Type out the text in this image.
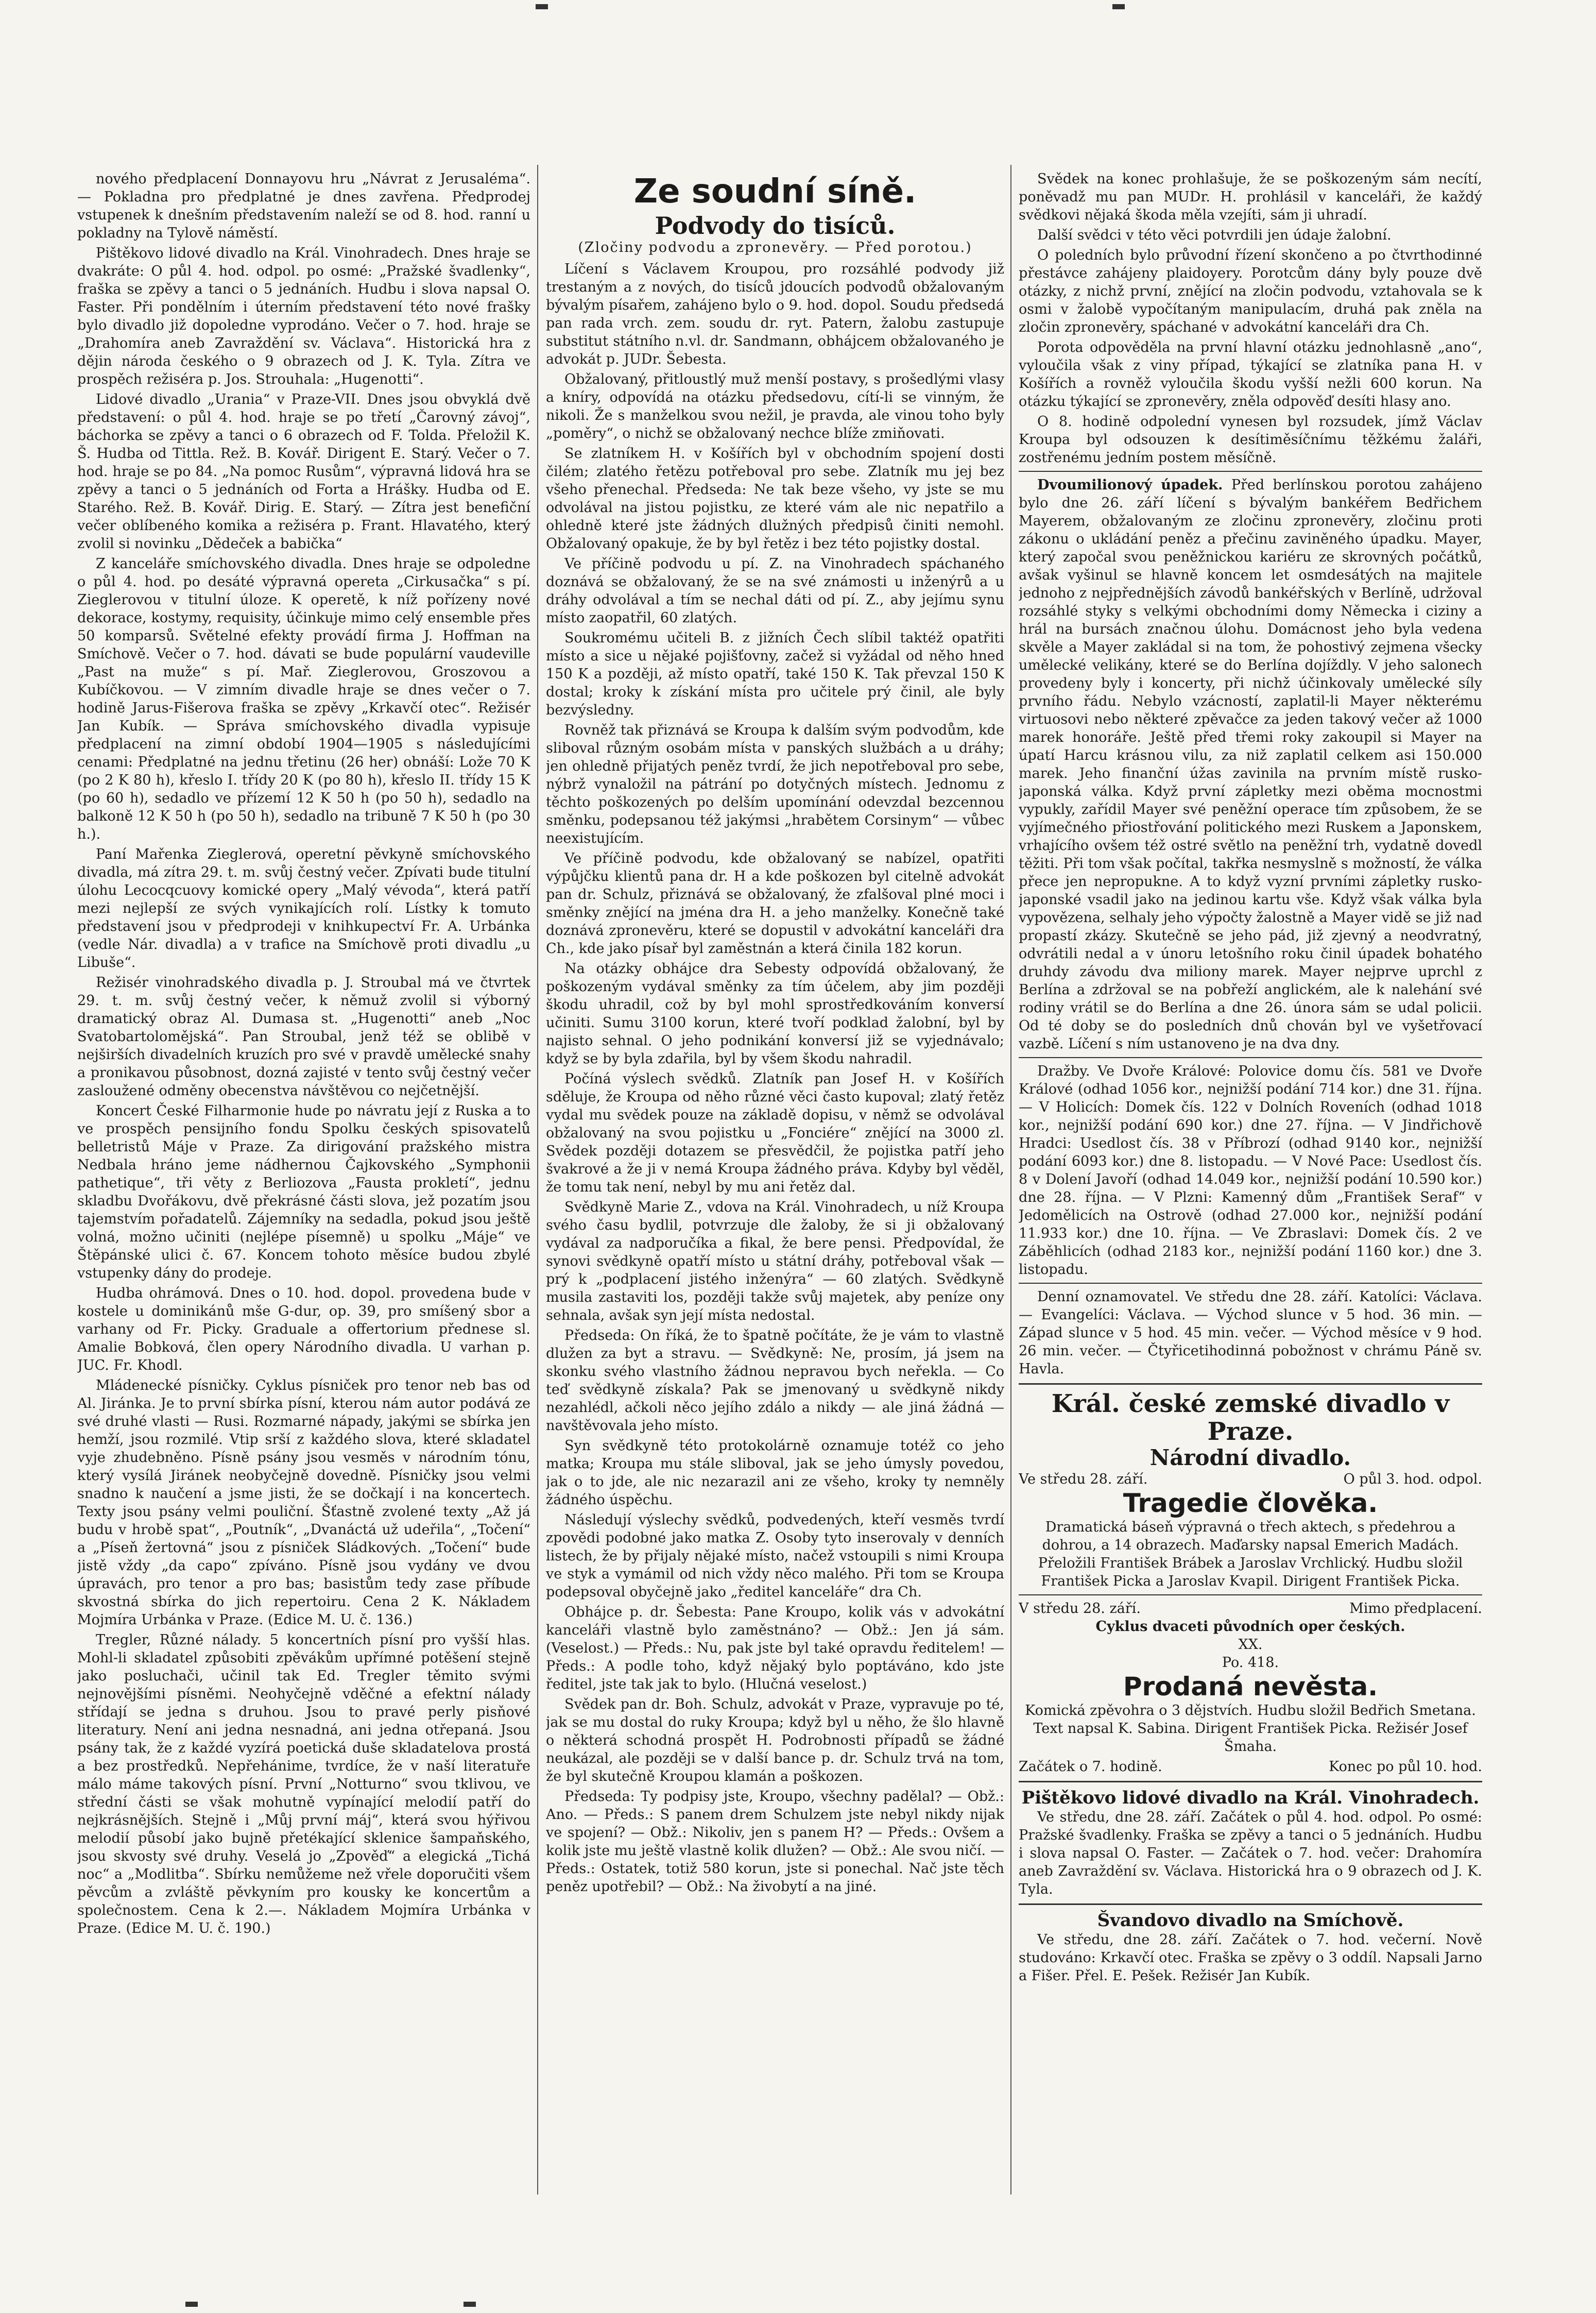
nového předplacení Donnayovu hru „Návrat z Jerusaléma“. — Pokladna pro předplatné je dnes zavřena. Předprodej vstupenek k dnešním představením naleží se od 8. hod. ranní u pokladny na Tylově náměstí.

Pištěkovo lidové divadlo na Král. Vinohradech. Dnes hraje se dvakráte: O půl 4. hod. odpol. po osmé: „Pražské švadlenky“, fraška se zpěvy a tanci o 5 jednáních. Hudbu i slova napsal O. Faster. Při pondělním i úterním představení této nové frašky bylo divadlo již dopoledne vyprodáno. Večer o 7. hod. hraje se „Drahomíra aneb Zavraždění sv. Václava“. Historická hra z dějin národa českého o 9 obrazech od J. K. Tyla. Zítra ve prospěch režiséra p. Jos. Strouhala: „Hugenotti“.

Lidové divadlo „Urania“ v Praze-VII. Dnes jsou obvyklá dvě představení: o půl 4. hod. hraje se po třetí „Čarovný závoj“, báchorka se zpěvy a tanci o 6 obrazech od F. Tolda. Přeložil K. Š. Hudba od Tittla. Rež. B. Kovář. Dirigent E. Starý. Večer o 7. hod. hraje se po 84. „Na pomoc Rusům“, výpravná lidová hra se zpěvy a tanci o 5 jednáních od Forta a Hrášky. Hudba od E. Starého. Rež. B. Kovář. Dirig. E. Starý. — Zítra jest benefiční večer oblíbeného komika a režiséra p. Frant. Hlavatého, který zvolil si novinku „Dědeček a babička“

Z kanceláře smíchovského divadla. Dnes hraje se odpoledne o půl 4. hod. po desáté výpravná opereta „Cirkusačka“ s pí. Zieglerovou v titulní úloze. K operetě, k níž pořízeny nové dekorace, kostymy, requisity, účinkuje mimo celý ensemble přes 50 komparsů. Světelné efekty provádí firma J. Hoffman na Smíchově. Večer o 7. hod. dávati se bude populární vaudeville „Past na muže“ s pí. Mař. Zieglerovou, Groszovou a Kubíčkovou. — V zimním divadle hraje se dnes večer o 7. hodině Jarus-Fišerova fraška se zpěvy „Krkavčí otec“. Režisér Jan Kubík. — Správa smíchovského divadla vypisuje předplacení na zimní období 1904—1905 s následujícími cenami: Předplatné na jednu třetinu (26 her) obnáší: Lože 70 K (po 2 K 80 h), křeslo I. třídy 20 K (po 80 h), křeslo II. třídy 15 K (po 60 h), sedadlo ve přízemí 12 K 50 h (po 50 h), sedadlo na balkoně 12 K 50 h (po 50 h), sedadlo na tribuně 7 K 50 h (po 30 h.).

Paní Mařenka Zieglerová, operetní pěvkyně smíchovského divadla, má zítra 29. t. m. svůj čestný večer. Zpívati bude titulní úlohu Lecocqcuovy komické opery „Malý vévoda“, která patří mezi nejlepší ze svých vynikajících rolí. Lístky k tomuto představení jsou v předprodeji v knihkupectví Fr. A. Urbánka (vedle Nár. divadla) a v trafice na Smíchově proti divadlu „u Libuše“.

Režisér vinohradského divadla p. J. Stroubal má ve čtvrtek 29. t. m. svůj čestný večer, k němuž zvolil si výborný dramatický obraz Al. Dumasa st. „Hugenotti“ aneb „Noc Svatobartolomějská“. Pan Stroubal, jenž též se oblibě v nejširších divadelních kruzích pro své v pravdě umělecké snahy a pronikavou působnost, dozná zajisté v tento svůj čestný večer zasloužené odměny obecenstva návštěvou co nejčetnější.

Koncert České Filharmonie hude po návratu její z Ruska a to ve prospěch pensijního fondu Spolku českých spisovatelů belletristů Máje v Praze. Za dirigování pražského mistra Nedbala hráno jeme nádhernou Čajkovského „Symphonii pathetique“, tři věty z Berliozova „Fausta prokletí“, jednu skladbu Dvořákovu, dvě překrásné části slova, jež pozatím jsou tajemstvím pořadatelů. Zájemníky na sedadla, pokud jsou ještě volná, možno učiniti (nejlépe písemně) u spolku „Máje“ ve Štěpánské ulici č. 67. Koncem tohoto měsíce budou zbylé vstupenky dány do prodeje.

Hudba ohrámová. Dnes o 10. hod. dopol. provedena bude v kostele u dominikánů mše G-dur, op. 39, pro smíšený sbor a varhany od Fr. Picky. Graduale a offertorium přednese sl. Amalie Bobková, člen opery Národního divadla. U varhan p. JUC. Fr. Khodl.

Mládenecké písničky. Cyklus písniček pro tenor neb bas od Al. Jiránka. Je to první sbírka písní, kterou nám autor podává ze své druhé vlasti — Rusi. Rozmarné nápady, jakými se sbírka jen hemží, jsou rozmilé. Vtip srší z každého slova, které skladatel vyje zhudebněno. Písně psány jsou vesměs v národním tónu, který vysílá Jiránek neobyčejně dovedně. Písničky jsou velmi snadno k naučení a jsme jisti, že se dočkají i na koncertech. Texty jsou psány velmi pouliční. Šťastně zvolené texty „Až já budu v hrobě spat“, „Poutník“, „Dvanáctá už udeřila“, „Točení“ a „Píseň žertovná“ jsou z písniček Sládkových. „Točení“ bude jistě vždy „da capo“ zpíváno. Písně jsou vydány ve dvou úpravách, pro tenor a pro bas; basistům tedy zase příbude skvostná sbírka do jich repertoiru. Cena 2 K. Nákladem Mojmíra Urbánka v Praze. (Edice M. U. č. 136.)

Tregler, Různé nálady. 5 koncertních písní pro vyšší hlas. Mohl-li skladatel způsobiti zpěvákům upřímné potěšení stejně jako posluchači, učinil tak Ed. Tregler těmito svými nejnovějšími písněmi. Neohyčejně vděčné a efektní nálady střídají se jedna s druhou. Jsou to pravé perly pisňové literatury. Není ani jedna nesnadná, ani jedna otřepaná. Jsou psány tak, že z každé vyzírá poetická duše skladatelova prostá a bez prostředků. Nepřehánime, tvrdíce, že v naší literatuře málo máme takových písní. První „Notturno“ svou tklivou, ve střední části se však mohutně vypínající melodií patří do nejkrásnějších. Stejně i „Můj první máj“, která svou hýřivou melodií působí jako bujně přetékající sklenice šampaňského, jsou skvosty své druhy. Veselá jo „Zpověď“ a elegická „Tichá noc“ a „Modlitba“. Sbírku nemůžeme než vřele doporučiti všem pěvcům a zvláště pěvkyním pro kousky ke koncertům a společnostem. Cena k 2.—. Nákladem Mojmíra Urbánka v Praze. (Edice M. U. č. 190.)

Ze soudní síně.
Podvody do tisíců.
(Zločiny podvodu a zpronevěry. — Před porotou.)

Líčení s Václavem Kroupou, pro rozsáhlé podvody již trestaným a z nových, do tisíců jdoucích podvodů obžalovaným bývalým písařem, zahájeno bylo o 9. hod. dopol. Soudu předsedá pan rada vrch. zem. soudu dr. ryt. Patern, žalobu zastupuje substitut státního n.vl. dr. Sandmann, obhájcem obžalovaného je advokát p. JUDr. Šebesta.

Obžalovaný, přitloustlý muž menší postavy, s prošedlými vlasy a kníry, odpovídá na otázku předsedovu, cítí-li se vinným, že nikoli. Že s manželkou svou nežil, je pravda, ale vinou toho byly „poměry“, o nichž se obžalovaný nechce blíže zmiňovati.

Se zlatníkem H. v Košířích byl v obchodním spojení dosti čilém; zlatého řetězu potřeboval pro sebe. Zlatník mu jej bez všeho přenechal. Předseda: Ne tak beze všeho, vy jste se mu odvolával na jistou pojistku, ze které vám ale nic nepatřilo a ohledně které jste žádných dlužných předpisů činiti nemohl. Obžalovaný opakuje, že by byl řetěz i bez této pojistky dostal.

Ve příčině podvodu u pí. Z. na Vinohradech spáchaného doznává se obžalovaný, že se na své známosti u inženýrů a u dráhy odvolával a tím se nechal dáti od pí. Z., aby jejímu synu místo zaopatřil, 60 zlatých.

Soukromému učiteli B. z jižních Čech slíbil taktéž opatřiti místo a sice u nějaké pojišťovny, začež si vyžádal od něho hned 150 K a později, až místo opatří, také 150 K. Tak převzal 150 K dostal; kroky k získání místa pro učitele prý činil, ale byly bezvýsledny.

Rovněž tak přiznává se Kroupa k dalším svým podvodům, kde sliboval různým osobám místa v panských službách a u dráhy; jen ohledně přijatých peněz tvrdí, že jich nepotřeboval pro sebe, nýbrž vynaložil na pátrání po dotyčných místech. Jednomu z těchto poškozených po delším upomínání odevzdal bezcennou směnku, podepsanou též jakýmsi „hrabětem Corsinym“ — vůbec neexistujícím.

Ve příčině podvodu, kde obžalovaný se nabízel, opatřiti výpůjčku klientů pana dr. H a kde poškozen byl citelně advokát pan dr. Schulz, přiznává se obžalovaný, že zfalšoval plné moci i směnky znějící na jména dra H. a jeho manželky. Konečně také doznává zpronevěru, které se dopustil v advokátní kanceláři dra Ch., kde jako písař byl zaměstnán a která činila 182 korun.

Na otázky obhájce dra Sebesty odpovídá obžalovaný, že poškozeným vydával směnky za tím účelem, aby jim později škodu uhradil, což by byl mohl sprostředkováním konversí učiniti. Sumu 3100 korun, které tvoří podklad žalobní, byl by najisto sehnal. O jeho podnikání konversí již se vyjednávalo; když se by byla zdařila, byl by všem škodu nahradil.

Počíná výslech svědků. Zlatník pan Josef H. v Košířích sděluje, že Kroupa od něho různé věci často kupoval; zlatý řetěz vydal mu svědek pouze na základě dopisu, v němž se odvolával obžalovaný na svou pojistku u „Fonciére“ znějící na 3000 zl. Svědek později dotazem se přesvědčil, že pojistka patří jeho švakrové a že ji v nemá Kroupa žádného práva. Kdyby byl věděl, že tomu tak není, nebyl by mu ani řetěz dal.

Svědkyně Marie Z., vdova na Král. Vinohradech, u níž Kroupa svého času bydlil, potvrzuje dle žaloby, že si ji obžalovaný vydával za nadporučíka a fikal, že bere pensi. Předpovídal, že synovi svědkyně opatří místo u státní dráhy, potřeboval však — prý k „podplacení jistého inženýra“ — 60 zlatých. Svědkyně musila zastaviti los, později takže svůj majetek, aby peníze ony sehnala, avšak syn její místa nedostal.

Předseda: On říká, že to špatně počítáte, že je vám to vlastně dlužen za byt a stravu. — Svědkyně: Ne, prosím, já jsem na skonku svého vlastního žádnou nepravou bych neřekla. — Co teď svědkyně získala? Pak se jmenovaný u svědkyně nikdy nezahlédl, ačkoli něco jejího zdálo a nikdy — ale jiná žádná — navštěvovala jeho místo.

Syn svědkyně této protokolárně oznamuje totéž co jeho matka; Kroupa mu stále sliboval, jak se jeho úmysly povedou, jak o to jde, ale nic nezarazil ani ze všeho, kroky ty nemněly žádného úspěchu.

Následují výslechy svědků, podvedených, kteří vesměs tvrdí zpovědi podobné jako matka Z. Osoby tyto inserovaly v denních listech, že by přijaly nějaké místo, načež vstoupili s nimi Kroupa ve styk a vymámil od nich vždy něco malého. Při tom se Kroupa podepsoval obyčejně jako „ředitel kanceláře“ dra Ch.

Obhájce p. dr. Šebesta: Pane Kroupo, kolik vás v advokátní kanceláři vlastně bylo zaměstnáno? — Obž.: Jen já sám. (Veselost.) — Předs.: Nu, pak jste byl také opravdu ředitelem! — Předs.: A podle toho, když nějaký bylo poptáváno, kdo jste ředitel, jste tak jak to bylo. (Hlučná veselost.)

Svědek pan dr. Boh. Schulz, advokát v Praze, vypravuje po té, jak se mu dostal do ruky Kroupa; když byl u něho, že šlo hlavně o některá schodná prospět H. Podrobnosti případů se žádné neukázal, ale později se v další bance p. dr. Schulz trvá na tom, že byl skutečně Kroupou klamán a poškozen.

Předseda: Ty podpisy jste, Kroupo, všechny padělal? — Obž.: Ano. — Předs.: S panem drem Schulzem jste nebyl nikdy nijak ve spojení? — Obž.: Nikoliv, jen s panem H? — Předs.: Ovšem a kolik jste mu ještě vlastně kolik dlužen? — Obž.: Ale svou ničí. — Předs.: Ostatek, totiž 580 korun, jste si ponechal. Nač jste těch peněz upotřebil? — Obž.: Na živobytí a na jiné.

Svědek na konec prohlašuje, že se poškozeným sám necítí, poněvadž mu pan MUDr. H. prohlásil v kanceláři, že každý svědkovi nějaká škoda měla vzejíti, sám ji uhradí.

Další svědci v této věci potvrdili jen údaje žalobní.

O poledních bylo průvodní řízení skončeno a po čtvrthodinné přestávce zahájeny plaidoyery. Porotcům dány byly pouze dvě otázky, z nichž první, znějící na zločin podvodu, vztahovala se k osmi v žalobě vypočítaným manipulacím, druhá pak zněla na zločin zpronevěry, spáchané v advokátní kanceláři dra Ch.

Porota odpověděla na první hlavní otázku jednohlasně „ano“, vyloučila však z viny případ, týkající se zlatníka pana H. v Košířích a rovněž vyloučila škodu vyšší nežli 600 korun. Na otázku týkající se zpronevěry, zněla odpověď desíti hlasy ano.

O 8. hodině odpolední vynesen byl rozsudek, jímž Václav Kroupa byl odsouzen k desítiměsíčnímu těžkému žaláři, zostřenému jedním postem měsíčně.

Dvoumilionový úpadek. Před berlínskou porotou zahájeno bylo dne 26. září líčení s bývalým bankéřem Bedřichem Mayerem, obžalovaným ze zločinu zpronevěry, zločinu proti zákonu o ukládání peněz a přečinu zaviněného úpadku. Mayer, který započal svou peněžnickou kariéru ze skrovných počátků, avšak vyšinul se hlavně koncem let osmdesátých na majitele jednoho z nejpřednějších závodů bankéřských v Berlíně, udržoval rozsáhlé styky s velkými obchodními domy Německa i ciziny a hrál na bursách značnou úlohu. Domácnost jeho byla vedena skvěle a Mayer zakládal si na tom, že pohostivý zejmena všecky umělecké velikány, které se do Berlína dojíždly. V jeho salonech provedeny byly i koncerty, při nichž účinkovaly umělecké síly prvního řádu. Nebylo vzácností, zaplatil-li Mayer některému virtuosovi nebo některé zpěvačce za jeden takový večer až 1000 marek honoráře. Ještě před třemi roky zakoupil si Mayer na úpatí Harcu krásnou vilu, za niž zaplatil celkem asi 150.000 marek. Jeho finanční úžas zavinila na prvním místě rusko-japonská válka. Když první zápletky mezi oběma mocnostmi vypukly, zařídil Mayer své peněžní operace tím způsobem, že se vyjímečného přiostřování politického mezi Ruskem a Japonskem, vrhajícího ovšem též ostré světlo na peněžní trh, vydatně dovedl těžiti. Při tom však počítal, takřka nesmyslně s možností, že válka přece jen nepropukne. A to když vyzní prvními zápletky rusko-japonské vsadil jako na jedinou kartu vše. Když však válka byla vypovězena, selhaly jeho výpočty žalostně a Mayer vidě se již nad propastí zkázy. Skutečně se jeho pád, již zjevný a neodvratný, odvrátili nedal a v únoru letošního roku činil úpadek bohatého druhdy závodu dva miliony marek. Mayer nejprve uprchl z Berlína a zdržoval se na pobřeží anglickém, ale k nalehání své rodiny vrátil se do Berlína a dne 26. února sám se udal policii. Od té doby se do posledních dnů chován byl ve vyšetřovací vazbě. Líčení s ním ustanoveno je na dva dny.

Dražby. Ve Dvoře Králové: Polovice domu čís. 581 ve Dvoře Králové (odhad 1056 kor., nejnižší podání 714 kor.) dne 31. října. — V Holicích: Domek čís. 122 v Dolních Roveních (odhad 1018 kor., nejnižší podání 690 kor.) dne 27. října. — V Jindřichově Hradci: Usedlost čís. 38 v Příbrozí (odhad 9140 kor., nejnižší podání 6093 kor.) dne 8. listopadu. — V Nové Pace: Usedlost čís. 8 v Dolení Javoří (odhad 14.049 kor., nejnižší podání 10.590 kor.) dne 28. října. — V Plzni: Kamenný dům „František Seraf“ v Jedomělicích na Ostrově (odhad 27.000 kor., nejnižší podání 11.933 kor.) dne 10. října. — Ve Zbraslavi: Domek čís. 2 ve Záběhlicích (odhad 2183 kor., nejnižší podání 1160 kor.) dne 3. listopadu.

Denní oznamovatel. Ve středu dne 28. září. Katolíci: Václava. — Evangelíci: Václava. — Východ slunce v 5 hod. 36 min. — Západ slunce v 5 hod. 45 min. večer. — Východ měsíce v 9 hod. 26 min. večer. — Čtyřicetihodinná pobožnost v chrámu Páně sv. Havla.

Král. české zemské divadlo v Praze.
Národní divadlo.
Ve středu 28. září.	O půl 3. hod. odpol.
Tragedie člověka.

Dramatická báseň výpravná o třech aktech, s předehrou a dohrou, a 14 obrazech. Maďarsky napsal Emerich Madách. Přeložili František Brábek a Jaroslav Vrchlický. Hudbu složil František Picka a Jaroslav Kvapil. Dirigent František Picka.

V středu 28. září.	Mimo předplacení.
Cyklus dvaceti původních oper českých.
XX.
Po. 418.
Prodaná nevěsta.

Komická zpěvohra o 3 dějstvích. Hudbu složil Bedřich Smetana. Text napsal K. Sabina. Dirigent František Picka. Režisér Josef Šmaha.

Začátek o 7. hodině.	Konec po půl 10. hod.
Pištěkovo lidové divadlo na Král. Vinohradech.

Ve středu, dne 28. září. Začátek o půl 4. hod. odpol. Po osmé: Pražské švadlenky. Fraška se zpěvy a tanci o 5 jednáních. Hudbu i slova napsal O. Faster. — Začátek o 7. hod. večer: Drahomíra aneb Zavraždění sv. Václava. Historická hra o 9 obrazech od J. K. Tyla.

Švandovo divadlo na Smíchově.

Ve středu, dne 28. září. Začátek o 7. hod. večerní. Nově studováno: Krkavčí otec. Fraška se zpěvy o 3 oddíl. Napsali Jarno a Fišer. Přel. E. Pešek. Režisér Jan Kubík.
